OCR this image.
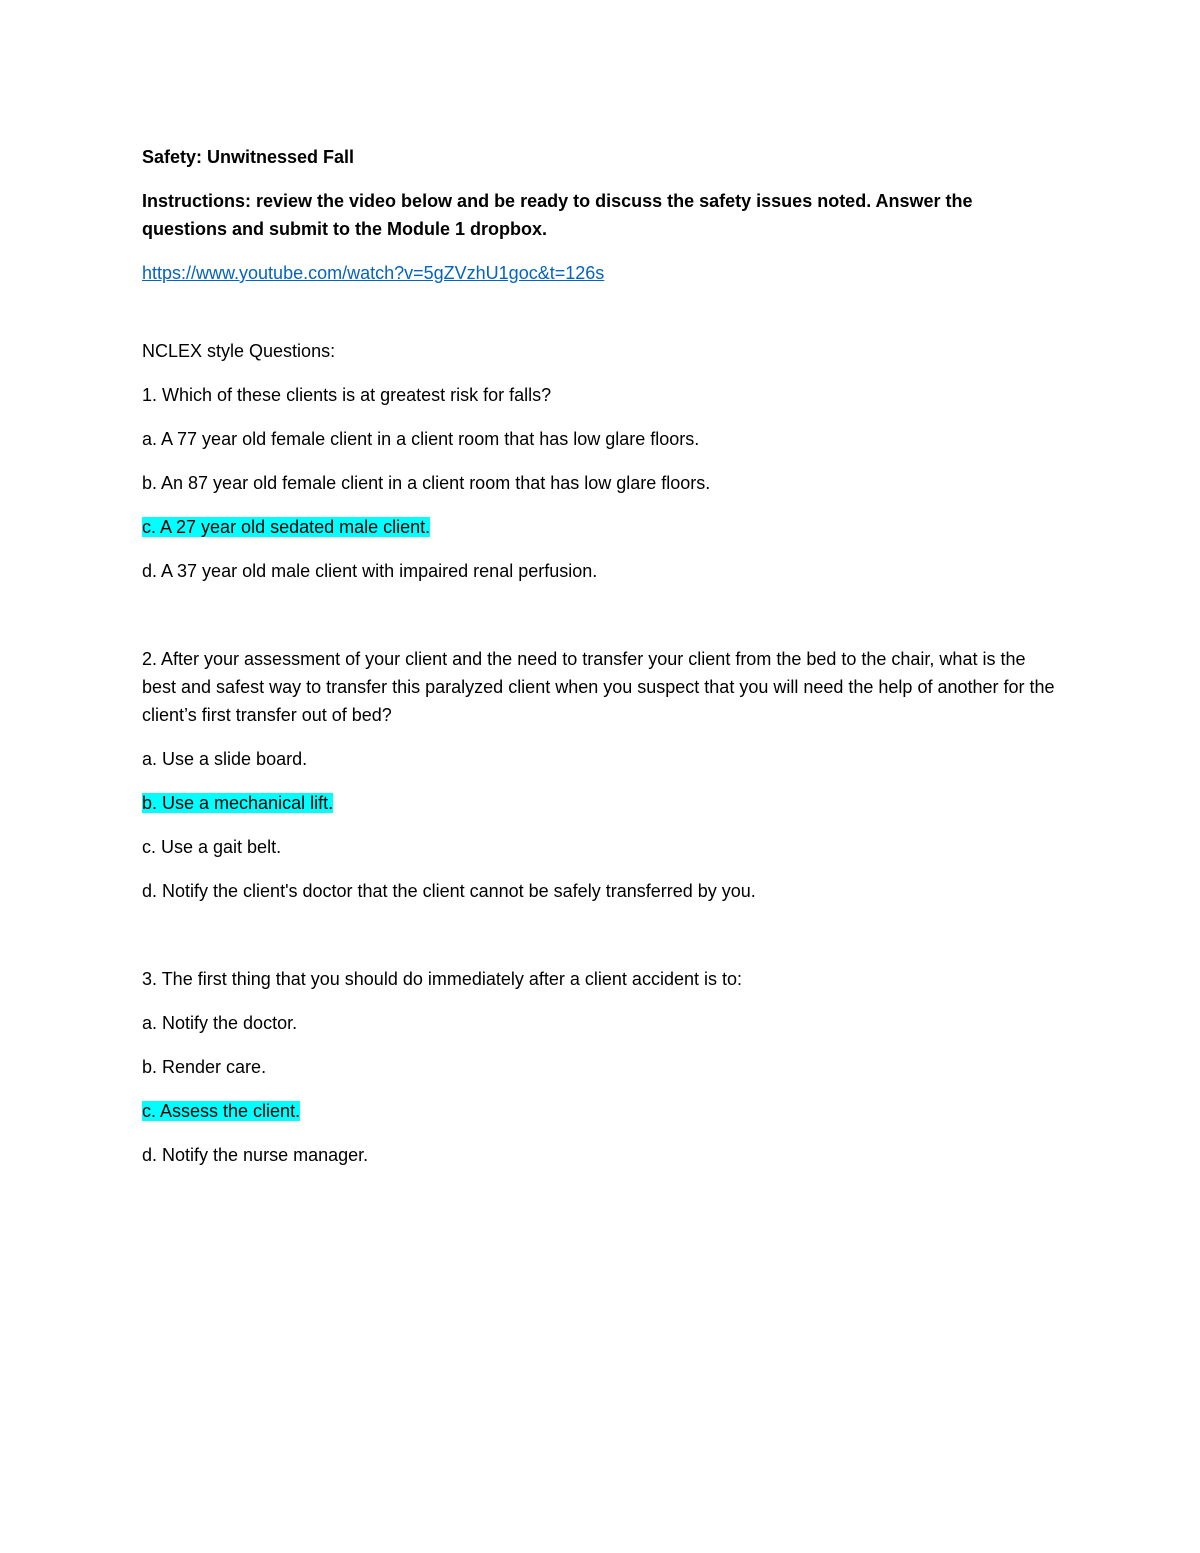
Safety: Unwitnessed Fall

Instructions: review the video below and be ready to discuss the safety issues noted. Answer the questions and submit to the Module 1 dropbox.

https://www.youtube.com/watch?v=5gZVzhU1goc&t=126s

NCLEX style Questions:

1. Which of these clients is at greatest risk for falls?

a. A 77 year old female client in a client room that has low glare floors.

b. An 87 year old female client in a client room that has low glare floors.

c. A 27 year old sedated male client.

d. A 37 year old male client with impaired renal perfusion.

2. After your assessment of your client and the need to transfer your client from the bed to the chair, what is the best and safest way to transfer this paralyzed client when you suspect that you will need the help of another for the client’s first transfer out of bed?

a. Use a slide board.

b. Use a mechanical lift.

c. Use a gait belt.

d. Notify the client's doctor that the client cannot be safely transferred by you.

3. The first thing that you should do immediately after a client accident is to:

a. Notify the doctor.

b. Render care.

c. Assess the client.

d. Notify the nurse manager.
